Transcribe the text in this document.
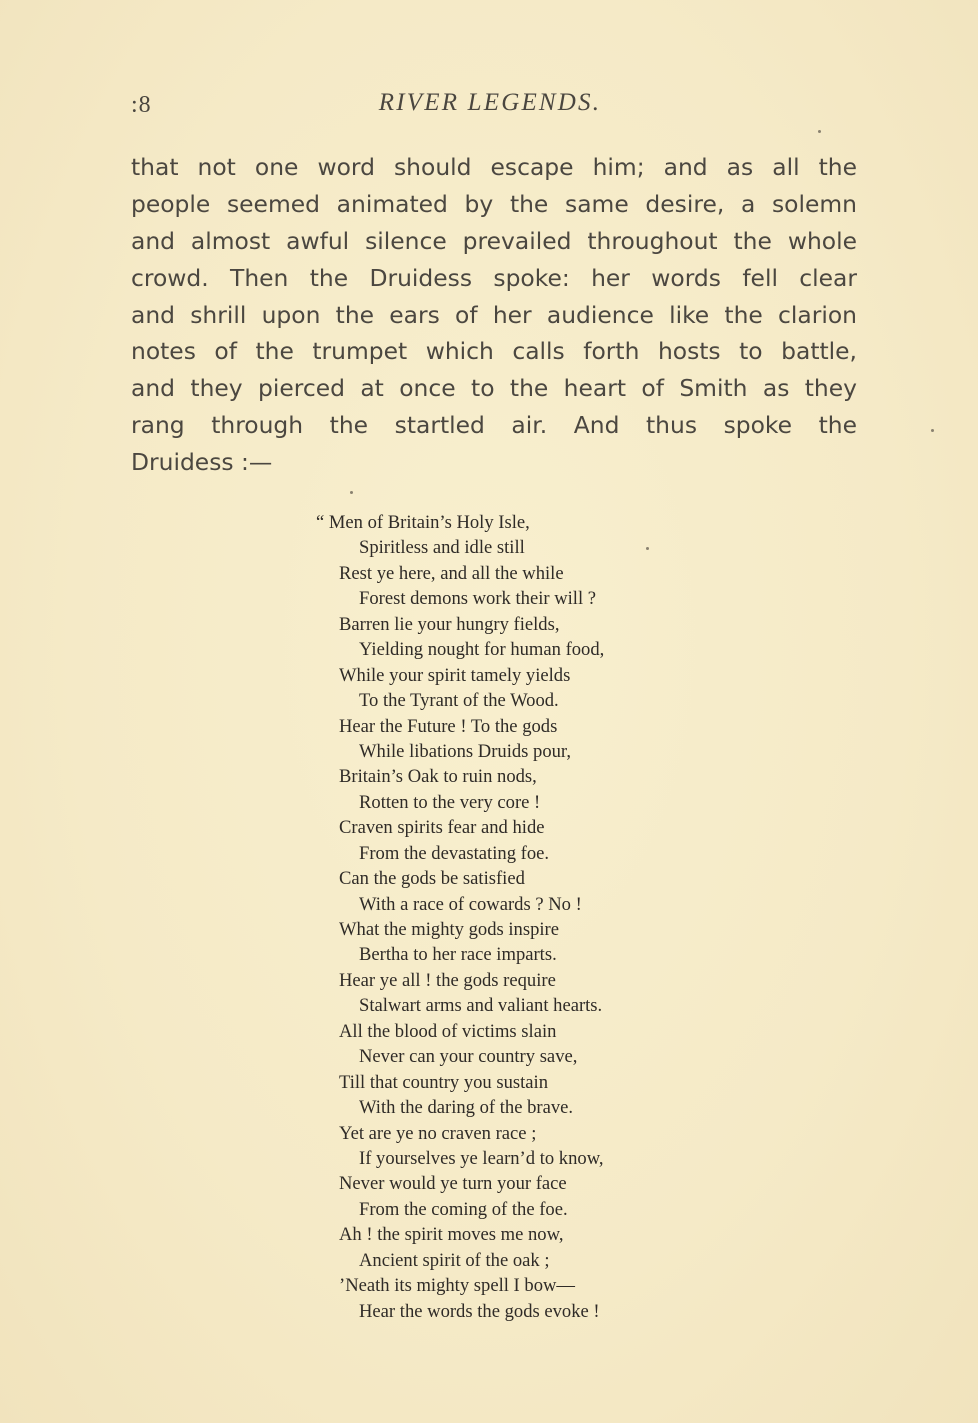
:8	RIVER LEGENDS.
that not one word should escape him; and as all the
people seemed animated by the same desire, a solemn
and almost awful silence prevailed throughout the whole
crowd. Then the Druidess spoke: her words fell clear
and shrill upon the ears of her audience like the clarion
notes of the trumpet which calls forth hosts to battle,
and they pierced at once to the heart of Smith as they
rang through the startled air. And thus spoke the
Druidess :—
“ Men of Britain’s Holy Isle,
Spiritless and idle still
Rest ye here, and all the while
Forest demons work their will ?
Barren lie your hungry fields,
Yielding nought for human food,
While your spirit tamely yields
To the Tyrant of the Wood.
Hear the Future ! To the gods
While libations Druids pour,
Britain’s Oak to ruin nods,
Rotten to the very core !
Craven spirits fear and hide
From the devastating foe.
Can the gods be satisfied
With a race of cowards ? No !
What the mighty gods inspire
Bertha to her race imparts.
Hear ye all ! the gods require
Stalwart arms and valiant hearts.
All the blood of victims slain
Never can your country save,
Till that country you sustain
With the daring of the brave.
Yet are ye no craven race ;
If yourselves ye learn’d to know,
Never would ye turn your face
From the coming of the foe.
Ah ! the spirit moves me now,
Ancient spirit of the oak ;
’Neath its mighty spell I bow—
Hear the words the gods evoke !
